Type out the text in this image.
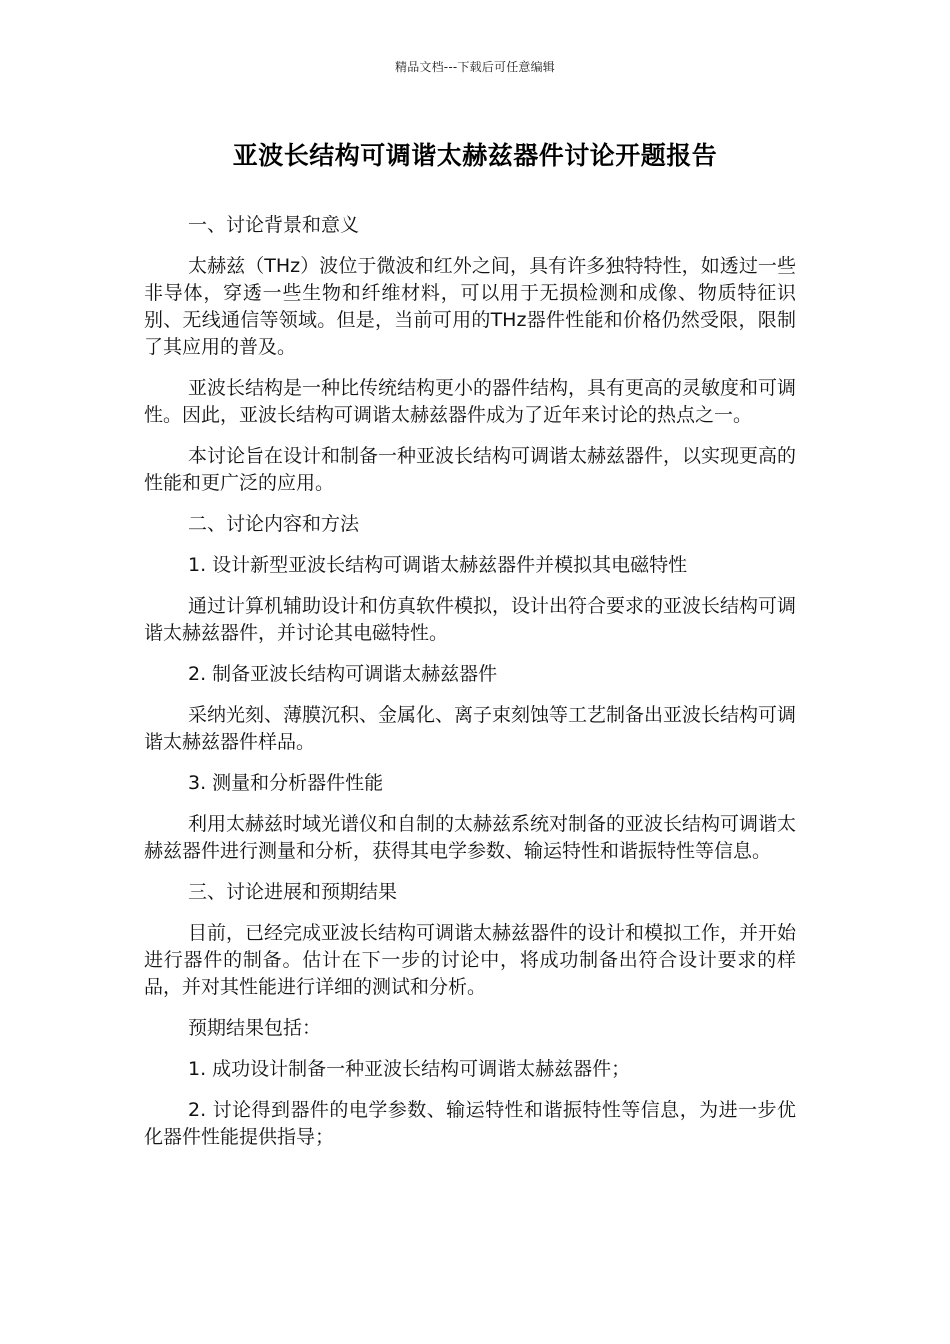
精品文档---下载后可任意编辑
亚波长结构可调谐太赫兹器件讨论开题报告

一、讨论背景和意义

太赫兹（THz）波位于微波和红外之间，具有许多独特特性，如透过一些非导体，穿透一些生物和纤维材料，可以用于无损检测和成像、物质特征识别、无线通信等领域。但是，当前可用的THz器件性能和价格仍然受限，限制了其应用的普及。

亚波长结构是一种比传统结构更小的器件结构，具有更高的灵敏度和可调性。因此，亚波长结构可调谐太赫兹器件成为了近年来讨论的热点之一。

本讨论旨在设计和制备一种亚波长结构可调谐太赫兹器件，以实现更高的性能和更广泛的应用。

二、讨论内容和方法

1. 设计新型亚波长结构可调谐太赫兹器件并模拟其电磁特性

通过计算机辅助设计和仿真软件模拟，设计出符合要求的亚波长结构可调谐太赫兹器件，并讨论其电磁特性。

2. 制备亚波长结构可调谐太赫兹器件

采纳光刻、薄膜沉积、金属化、离子束刻蚀等工艺制备出亚波长结构可调谐太赫兹器件样品。

3. 测量和分析器件性能

利用太赫兹时域光谱仪和自制的太赫兹系统对制备的亚波长结构可调谐太赫兹器件进行测量和分析，获得其电学参数、输运特性和谐振特性等信息。

三、讨论进展和预期结果

目前，已经完成亚波长结构可调谐太赫兹器件的设计和模拟工作，并开始进行器件的制备。估计在下一步的讨论中，将成功制备出符合设计要求的样品，并对其性能进行详细的测试和分析。

预期结果包括：

1. 成功设计制备一种亚波长结构可调谐太赫兹器件；

2. 讨论得到器件的电学参数、输运特性和谐振特性等信息，为进一步优化器件性能提供指导；
